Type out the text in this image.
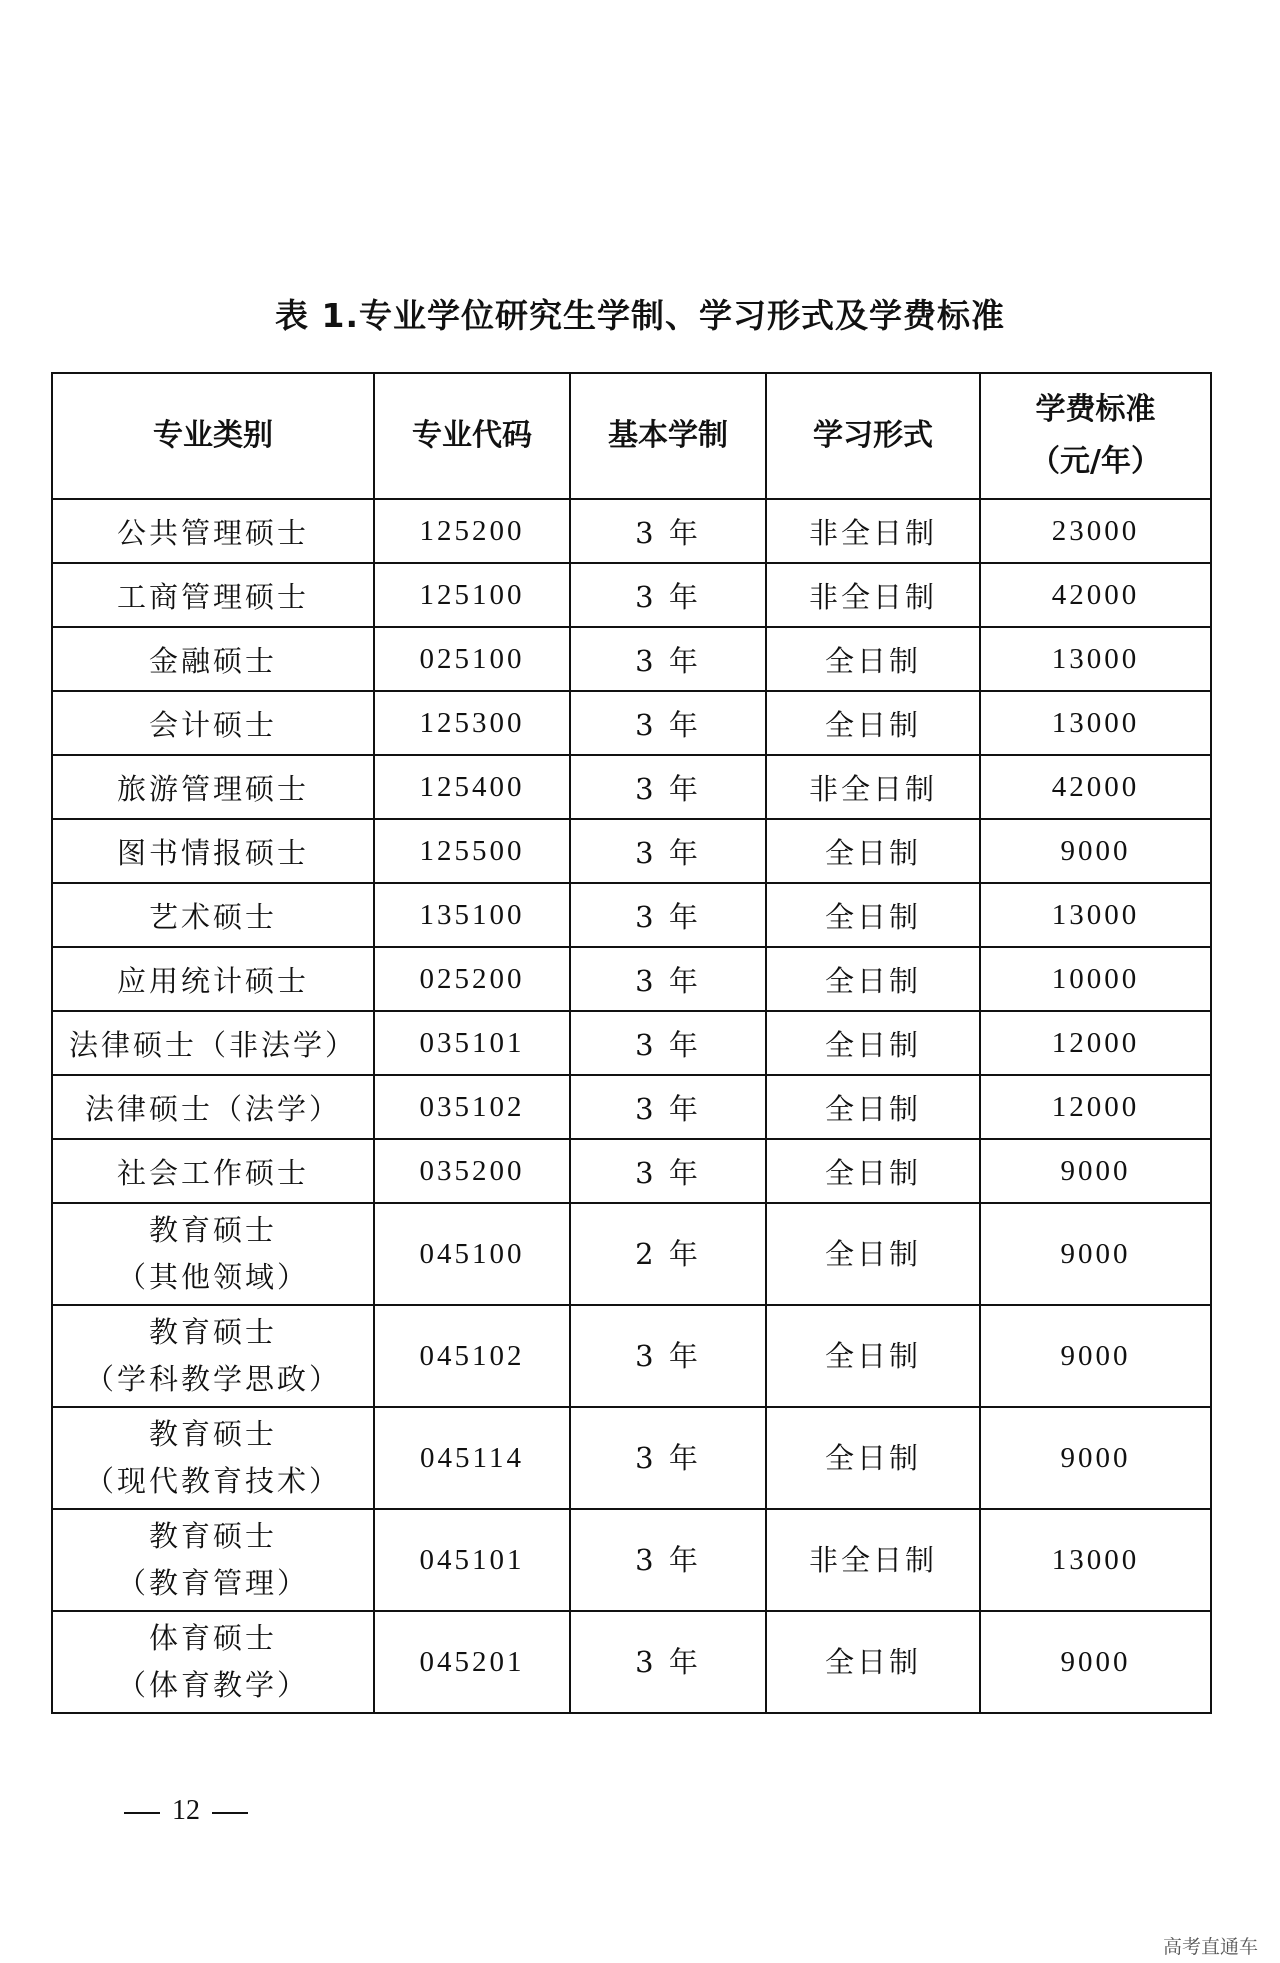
表 1.专业学位研究生学制、学习形式及学费标准
专业类别	专业代码	基本学制	学习形式	学费标准
（元/年）

公共管理硕士	125200	3 年	非全日制	23000

工商管理硕士	125100	3 年	非全日制	42000

金融硕士	025100	3 年	全日制	13000

会计硕士	125300	3 年	全日制	13000

旅游管理硕士	125400	3 年	非全日制	42000

图书情报硕士	125500	3 年	全日制	9000

艺术硕士	135100	3 年	全日制	13000

应用统计硕士	025200	3 年	全日制	10000

法律硕士（非法学）	035101	3 年	全日制	12000

法律硕士（法学）	035102	3 年	全日制	12000

社会工作硕士	035200	3 年	全日制	9000

教育硕士
（其他领域）	045100	2 年	全日制	9000

教育硕士
（学科教学思政）	045102	3 年	全日制	9000

教育硕士
（现代教育技术）	045114	3 年	全日制	9000

教育硕士
（教育管理）	045101	3 年	非全日制	13000

体育硕士
（体育教学）	045201	3 年	全日制	9000
12
高考直通车
